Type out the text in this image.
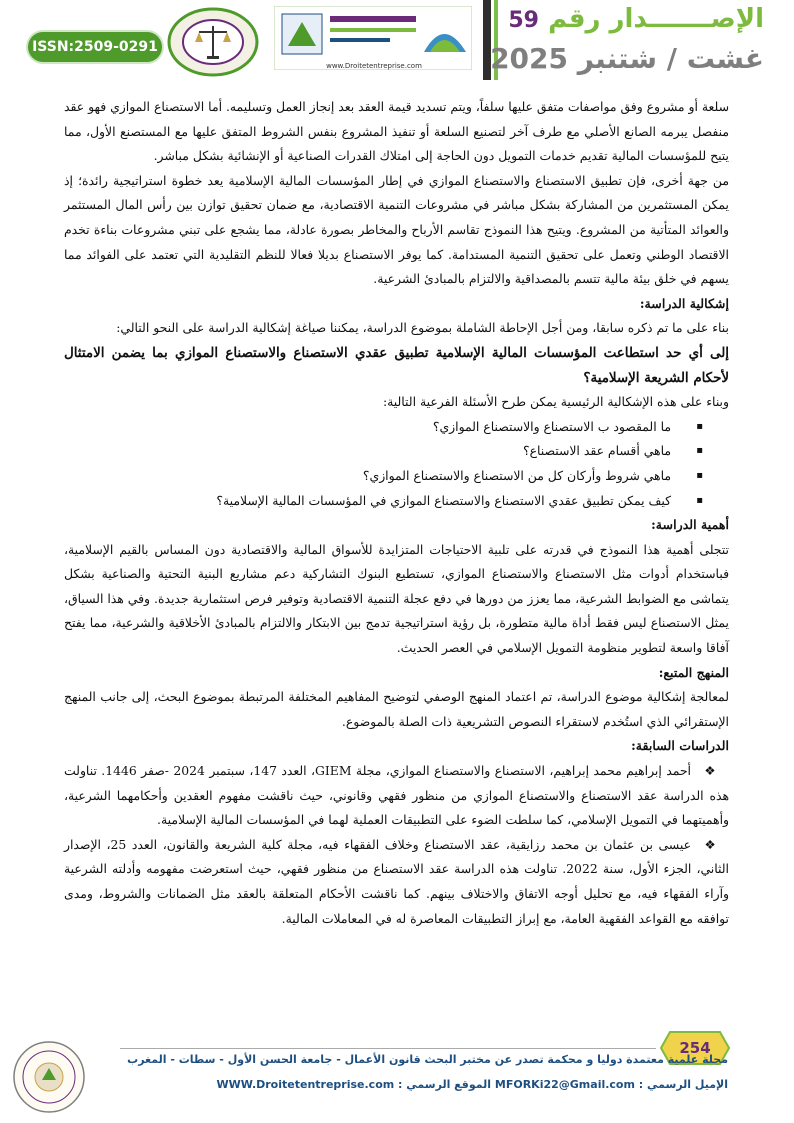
ISSN:2509-0291
www.Droitetentreprise.com
الإصـــــــدار رقم 59
غشت / شتنبر 2025

سلعة أو مشروع وفق مواصفات متفق عليها سلفاً، ويتم تسديد قيمة العقد بعد إنجاز العمل وتسليمه. أما الاستصناع الموازي فهو عقد منفصل يبرمه الصانع الأصلي مع طرف آخر لتصنيع السلعة أو تنفيذ المشروع بنفس الشروط المتفق عليها مع المستصنع الأول، مما يتيح للمؤسسات المالية تقديم خدمات التمويل دون الحاجة إلى امتلاك القدرات الصناعية أو الإنشائية بشكل مباشر.

من جهة أخرى، فإن تطبيق الاستصناع والاستصناع الموازي في إطار المؤسسات المالية الإسلامية يعد خطوة استراتيجية رائدة؛ إذ يمكن المستثمرين من المشاركة بشكل مباشر في مشروعات التنمية الاقتصادية، مع ضمان تحقيق توازن بين رأس المال المستثمر والعوائد المتأتية من المشروع. ويتيح هذا النموذج تقاسم الأرباح والمخاطر بصورة عادلة، مما يشجع على تبني مشروعات بناءة تخدم الاقتصاد الوطني وتعمل على تحقيق التنمية المستدامة. كما يوفر الاستصناع بديلا فعالا للنظم التقليدية التي تعتمد على الفوائد مما يسهم في خلق بيئة مالية تتسم بالمصداقية والالتزام بالمبادئ الشرعية.

إشكالية الدراسة:

بناء على ما تم ذكره سابقا، ومن أجل الإحاطة الشاملة بموضوع الدراسة، يمكننا صياغة إشكالية الدراسة على النحو التالي:

إلى أي حد استطاعت المؤسسات المالية الإسلامية تطبيق عقدي الاستصناع والاستصناع الموازي بما يضمن الامتثال لأحكام الشريعة الإسلامية؟

وبناء على هذه الإشكالية الرئيسية يمكن طرح الأسئلة الفرعية التالية:

▪ ما المقصود ب الاستصناع والاستصناع الموازي؟
▪ ماهي أقسام عقد الاستصناع؟
▪ ماهي شروط وأركان كل من الاستصناع والاستصناع الموازي؟
▪ كيف يمكن تطبيق عقدي الاستصناع والاستصناع الموازي في المؤسسات المالية الإسلامية؟
أهمية الدراسة:

تتجلى أهمية هذا النموذج في قدرته على تلبية الاحتياجات المتزايدة للأسواق المالية والاقتصادية دون المساس بالقيم الإسلامية، فباستخدام أدوات مثل الاستصناع والاستصناع الموازي، تستطيع البنوك التشاركية دعم مشاريع البنية التحتية والصناعية بشكل يتماشى مع الضوابط الشرعية، مما يعزز من دورها في دفع عجلة التنمية الاقتصادية وتوفير فرص استثمارية جديدة. وفي هذا السياق، يمثل الاستصناع ليس فقط أداة مالية متطورة، بل رؤية استراتيجية تدمج بين الابتكار والالتزام بالمبادئ الأخلاقية والشرعية، مما يفتح آفاقا واسعة لتطوير منظومة التمويل الإسلامي في العصر الحديث.

المنهج المتبع:

لمعالجة إشكالية موضوع الدراسة، تم اعتماد المنهج الوصفي لتوضيح المفاهيم المختلفة المرتبطة بموضوع البحث، إلى جانب المنهج الإستقرائي الذي استُخدم لاستقراء النصوص التشريعية ذات الصلة بالموضوع.

الدراسات السابقة:

❖أحمد إبراهيم محمد إبراهيم، الاستصناع والاستصناع الموازي، مجلة GIEM، العدد 147، سبتمبر 2024 -صفر 1446. تناولت هذه الدراسة عقد الاستصناع والاستصناع الموازي من منظور فقهي وقانوني، حيث ناقشت مفهوم العقدين وأحكامهما الشرعية، وأهميتهما في التمويل الإسلامي، كما سلطت الضوء على التطبيقات العملية لهما في المؤسسات المالية الإسلامية.

❖عيسى بن عثمان بن محمد رزايقية، عقد الاستصناع وخلاف الفقهاء فيه، مجلة كلية الشريعة والقانون، العدد 25، الإصدار الثاني، الجزء الأول، سنة 2022. تناولت هذه الدراسة عقد الاستصناع من منظور فقهي، حيث استعرضت مفهومه وأدلته الشرعية وآراء الفقهاء فيه، مع تحليل أوجه الاتفاق والاختلاف بينهم. كما ناقشت الأحكام المتعلقة بالعقد مثل الضمانات والشروط، ومدى توافقه مع القواعد الفقهية العامة، مع إبراز التطبيقات المعاصرة له في المعاملات المالية.

254
مجلة علمية معتمدة دوليا و محكمة تصدر عن مختبر البحث قانون الأعمال - جامعة الحسن الأول - سطات - المغرب
الإميل الرسمي : MFORKi22@Gmail.com الموقع الرسمي : WWW.Droitetentreprise.com
